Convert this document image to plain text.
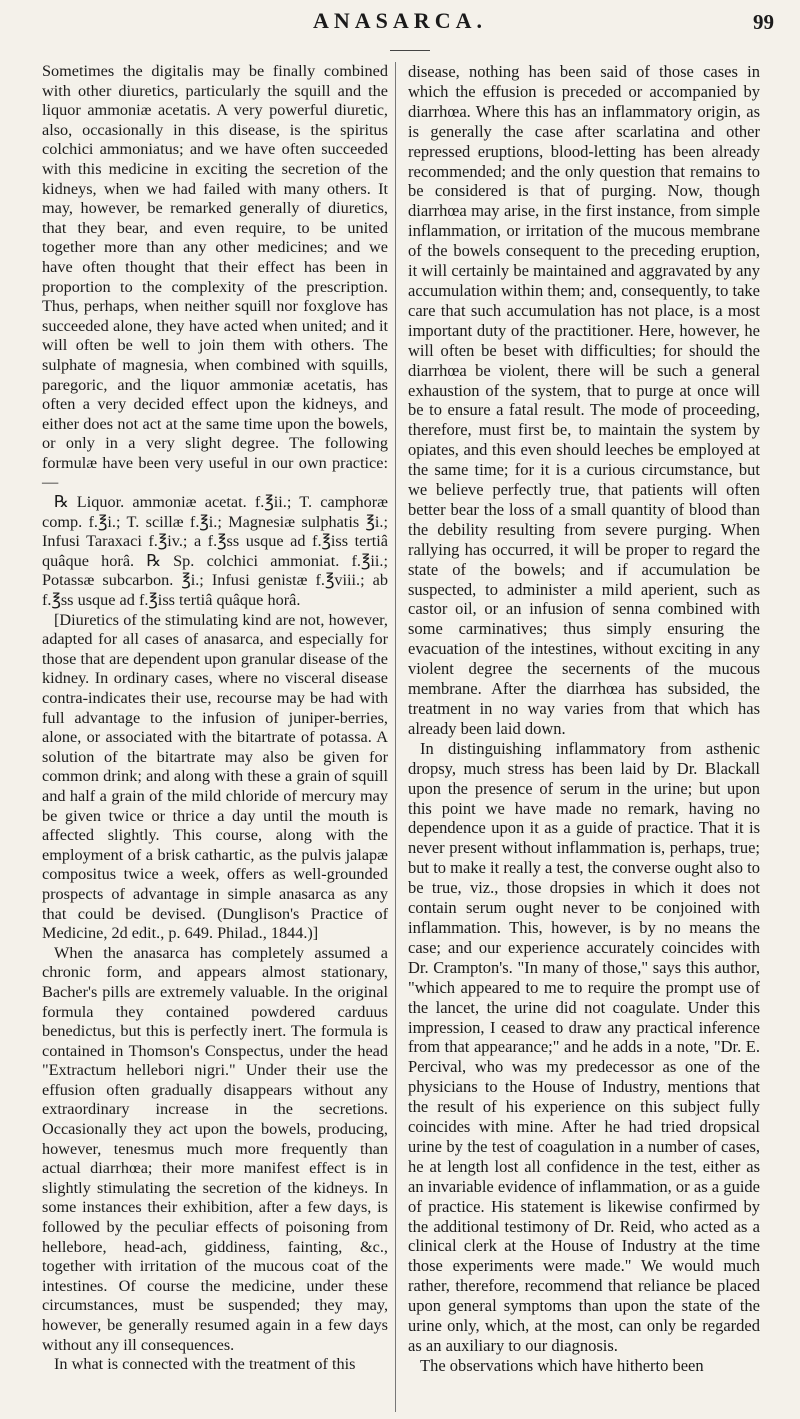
ANASARCA.	99

Sometimes the digitalis may be finally combined with other diuretics, particularly the squill and the liquor ammoniæ acetatis. A very powerful diuretic, also, occasionally in this disease, is the spiritus colchici ammoniatus; and we have often succeeded with this medicine in exciting the secretion of the kidneys, when we had failed with many others. It may, however, be remarked generally of diuretics, that they bear, and even require, to be united together more than any other medicines; and we have often thought that their effect has been in proportion to the complexity of the prescription. Thus, perhaps, when neither squill nor foxglove has succeeded alone, they have acted when united; and it will often be well to join them with others. The sulphate of magnesia, when combined with squills, paregoric, and the liquor ammoniæ acetatis, has often a very decided effect upon the kidneys, and either does not act at the same time upon the bowels, or only in a very slight degree. The following formulæ have been very useful in our own practice: —

℞ Liquor. ammoniæ acetat. f.℥ii.; T. camphoræ comp. f.℥i.; T. scillæ f.℥i.; Magnesiæ sulphatis ℥i.; Infusi Taraxaci f.℥iv.; a f.℥ss usque ad f.℥iss tertiâ quâque horâ. ℞ Sp. colchici ammoniat. f.℥ii.; Potassæ subcarbon. ℥i.; Infusi genistæ f.℥viii.; ab f.℥ss usque ad f.℥iss tertiâ quâque horâ.

[Diuretics of the stimulating kind are not, however, adapted for all cases of anasarca, and especially for those that are dependent upon granular disease of the kidney. In ordinary cases, where no visceral disease contra-indicates their use, recourse may be had with full advantage to the infusion of juniper-berries, alone, or associated with the bitartrate of potassa. A solution of the bitartrate may also be given for common drink; and along with these a grain of squill and half a grain of the mild chloride of mercury may be given twice or thrice a day until the mouth is affected slightly. This course, along with the employment of a brisk cathartic, as the pulvis jalapæ compositus twice a week, offers as well-grounded prospects of advantage in simple anasarca as any that could be devised. (Dunglison's Practice of Medicine, 2d edit., p. 649. Philad., 1844.)]

When the anasarca has completely assumed a chronic form, and appears almost stationary, Bacher's pills are extremely valuable. In the original formula they contained powdered carduus benedictus, but this is perfectly inert. The formula is contained in Thomson's Conspectus, under the head "Extractum hellebori nigri." Under their use the effusion often gradually disappears without any extraordinary increase in the secretions. Occasionally they act upon the bowels, producing, however, tenesmus much more frequently than actual diarrhœa; their more manifest effect is in slightly stimulating the secretion of the kidneys. In some instances their exhibition, after a few days, is followed by the peculiar effects of poisoning from hellebore, head-ach, giddiness, fainting, &c., together with irritation of the mucous coat of the intestines. Of course the medicine, under these circumstances, must be suspended; they may, however, be generally resumed again in a few days without any ill consequences.

In what is connected with the treatment of this

disease, nothing has been said of those cases in which the effusion is preceded or accompanied by diarrhœa. Where this has an inflammatory origin, as is generally the case after scarlatina and other repressed eruptions, blood-letting has been already recommended; and the only question that remains to be considered is that of purging. Now, though diarrhœa may arise, in the first instance, from simple inflammation, or irritation of the mucous membrane of the bowels consequent to the preceding eruption, it will certainly be maintained and aggravated by any accumulation within them; and, consequently, to take care that such accumulation has not place, is a most important duty of the practitioner. Here, however, he will often be beset with difficulties; for should the diarrhœa be violent, there will be such a general exhaustion of the system, that to purge at once will be to ensure a fatal result. The mode of proceeding, therefore, must first be, to maintain the system by opiates, and this even should leeches be employed at the same time; for it is a curious circumstance, but we believe perfectly true, that patients will often better bear the loss of a small quantity of blood than the debility resulting from severe purging. When rallying has occurred, it will be proper to regard the state of the bowels; and if accumulation be suspected, to administer a mild aperient, such as castor oil, or an infusion of senna combined with some carminatives; thus simply ensuring the evacuation of the intestines, without exciting in any violent degree the secernents of the mucous membrane. After the diarrhœa has subsided, the treatment in no way varies from that which has already been laid down.

In distinguishing inflammatory from asthenic dropsy, much stress has been laid by Dr. Blackall upon the presence of serum in the urine; but upon this point we have made no remark, having no dependence upon it as a guide of practice. That it is never present without inflammation is, perhaps, true; but to make it really a test, the converse ought also to be true, viz., those dropsies in which it does not contain serum ought never to be conjoined with inflammation. This, however, is by no means the case; and our experience accurately coincides with Dr. Crampton's. "In many of those," says this author, "which appeared to me to require the prompt use of the lancet, the urine did not coagulate. Under this impression, I ceased to draw any practical inference from that appearance;" and he adds in a note, "Dr. E. Percival, who was my predecessor as one of the physicians to the House of Industry, mentions that the result of his experience on this subject fully coincides with mine. After he had tried dropsical urine by the test of coagulation in a number of cases, he at length lost all confidence in the test, either as an invariable evidence of inflammation, or as a guide of practice. His statement is likewise confirmed by the additional testimony of Dr. Reid, who acted as a clinical clerk at the House of Industry at the time those experiments were made." We would much rather, therefore, recommend that reliance be placed upon general symptoms than upon the state of the urine only, which, at the most, can only be regarded as an auxiliary to our diagnosis.

The observations which have hitherto been
